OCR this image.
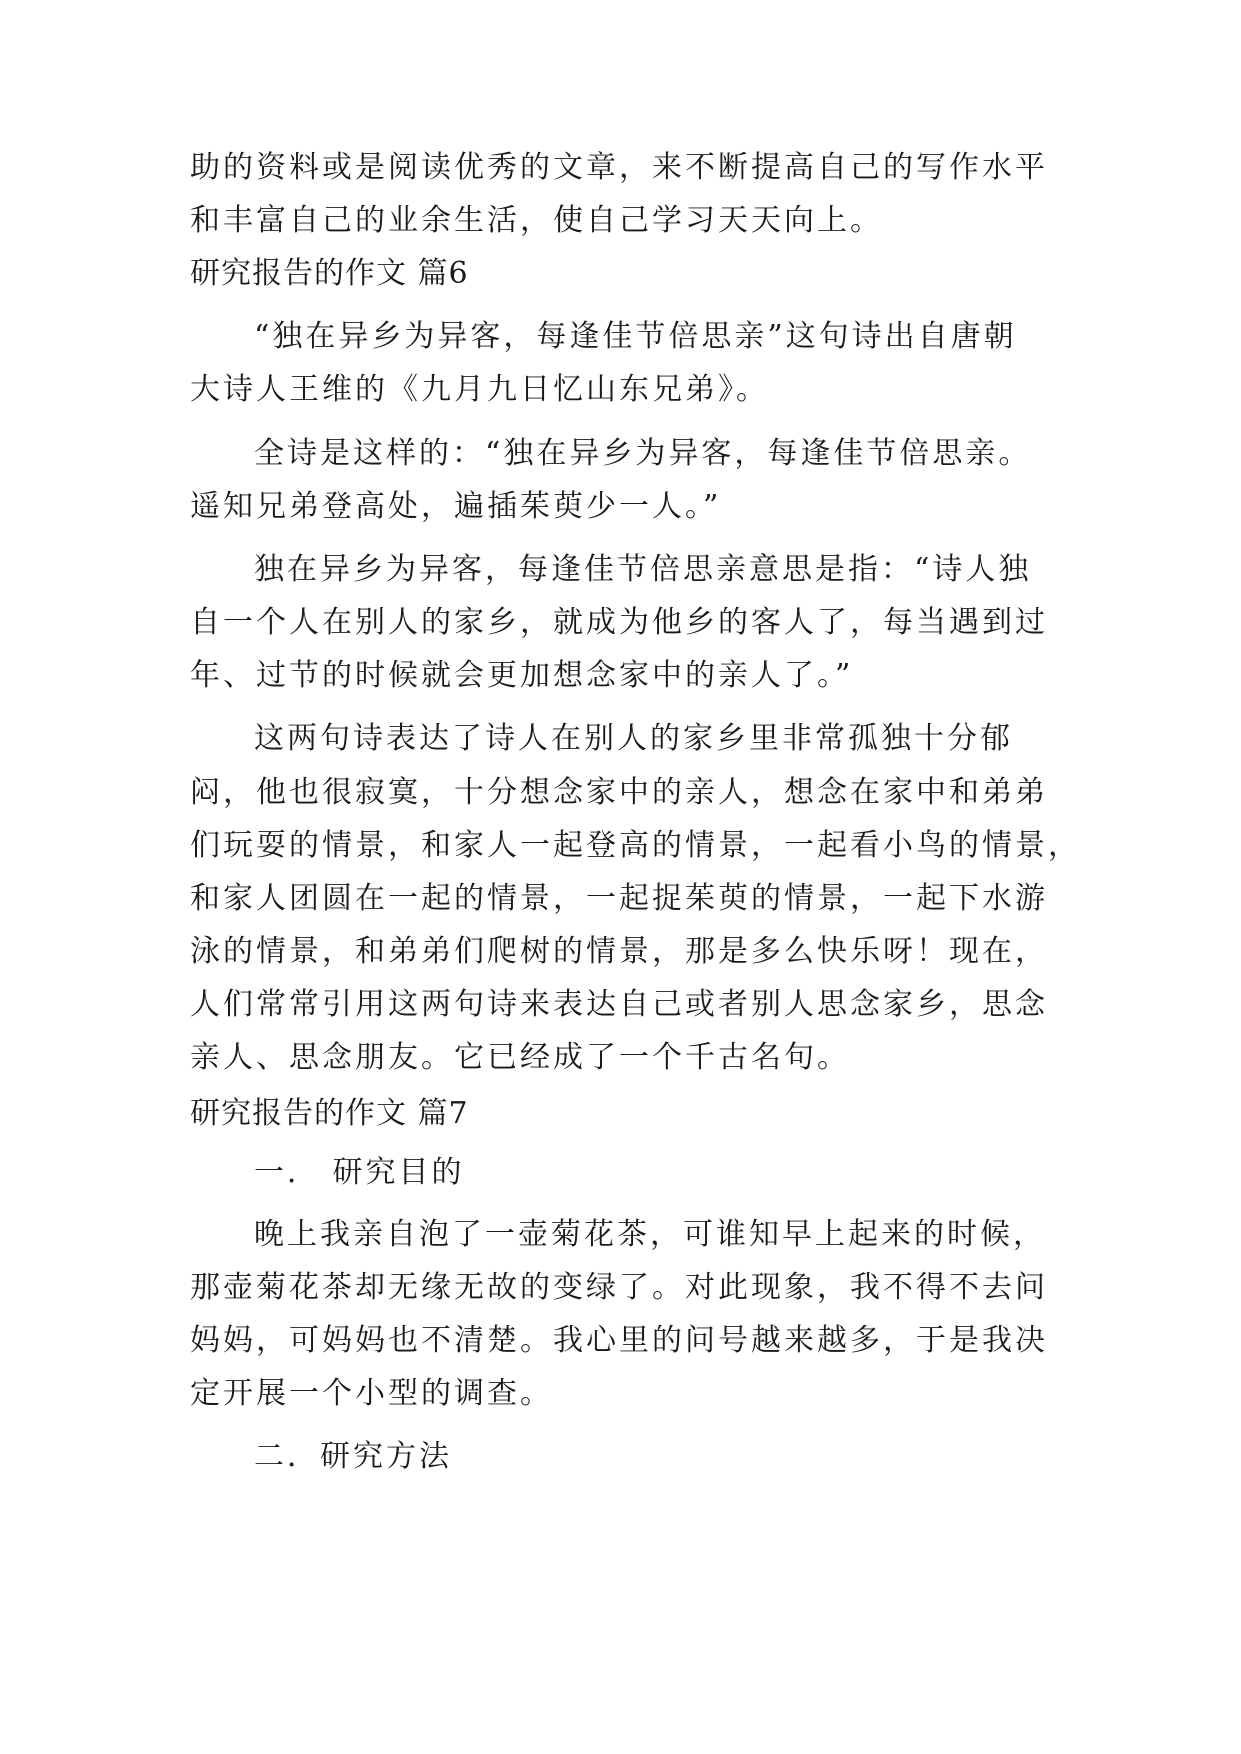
助的资料或是阅读优秀的文章，来不断提高自己的写作水平
和丰富自己的业余生活，使自己学习天天向上。
研究报告的作文 篇6
“独在异乡为异客，每逢佳节倍思亲”这句诗出自唐朝
大诗人王维的《九月九日忆山东兄弟》。
全诗是这样的：“独在异乡为异客，每逢佳节倍思亲。
遥知兄弟登高处，遍插茱萸少一人。”
独在异乡为异客，每逢佳节倍思亲意思是指：“诗人独
自一个人在别人的家乡，就成为他乡的客人了，每当遇到过
年、过节的时候就会更加想念家中的亲人了。”
这两句诗表达了诗人在别人的家乡里非常孤独十分郁
闷，他也很寂寞，十分想念家中的亲人，想念在家中和弟弟
们玩耍的情景，和家人一起登高的情景，一起看小鸟的情景，
和家人团圆在一起的情景，一起捉茱萸的情景，一起下水游
泳的情景，和弟弟们爬树的情景，那是多么快乐呀！现在，
人们常常引用这两句诗来表达自己或者别人思念家乡，思念
亲人、思念朋友。它已经成了一个千古名句。
研究报告的作文 篇7
一． 研究目的
晚上我亲自泡了一壶菊花茶，可谁知早上起来的时候，
那壶菊花茶却无缘无故的变绿了。对此现象，我不得不去问
妈妈，可妈妈也不清楚。我心里的问号越来越多，于是我决
定开展一个小型的调查。
二．研究方法
